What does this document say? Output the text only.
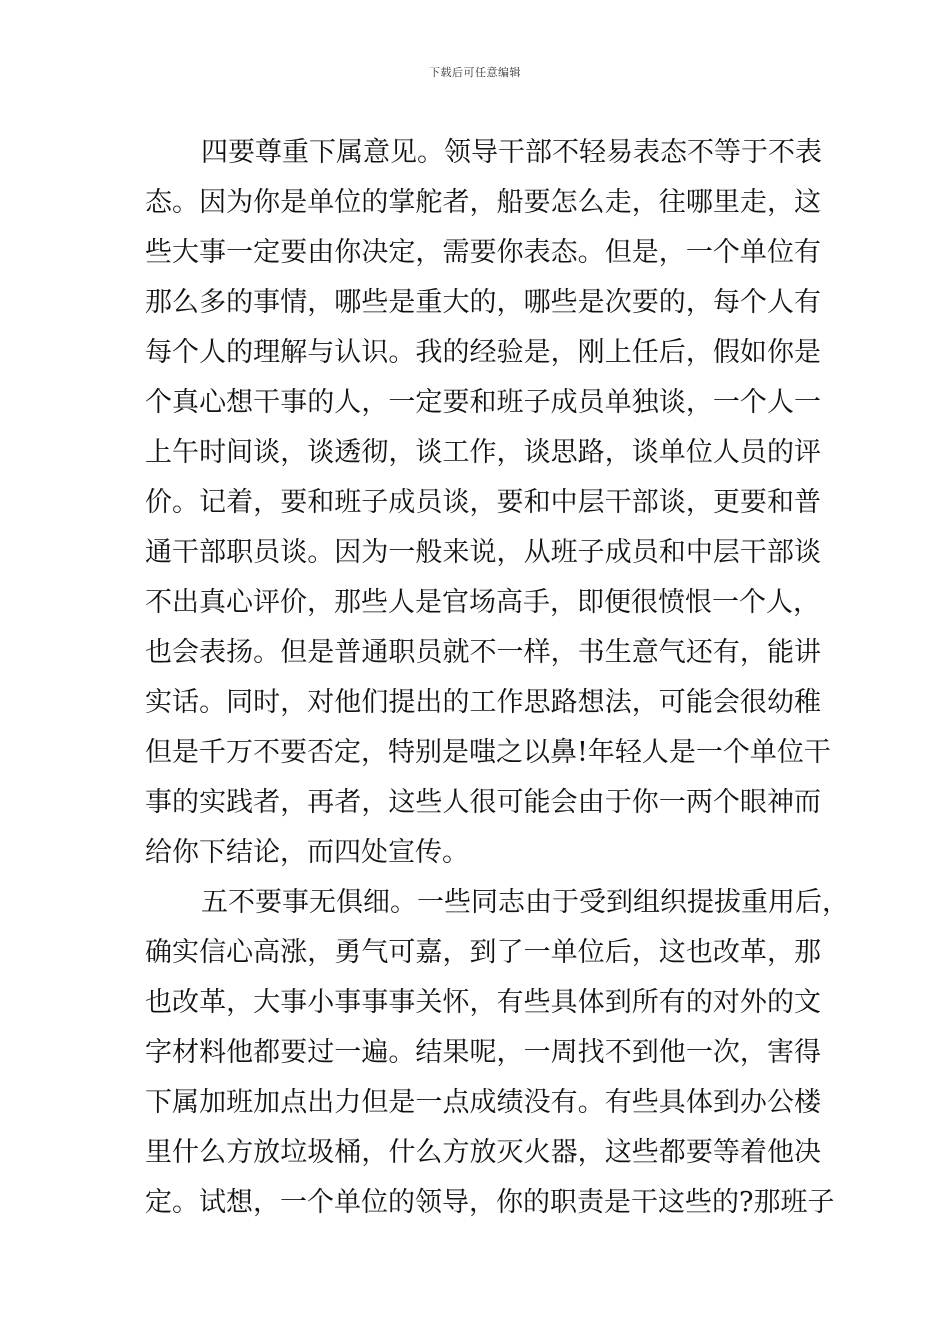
下载后可任意编辑
四要尊重下属意见。领导干部不轻易表态不等于不表
态。因为你是单位的掌舵者，船要怎么走，往哪里走，这
些大事一定要由你决定，需要你表态。但是，一个单位有
那么多的事情，哪些是重大的，哪些是次要的，每个人有
每个人的理解与认识。我的经验是，刚上任后，假如你是
个真心想干事的人，一定要和班子成员单独谈，一个人一
上午时间谈，谈透彻，谈工作，谈思路，谈单位人员的评
价。记着，要和班子成员谈，要和中层干部谈，更要和普
通干部职员谈。因为一般来说，从班子成员和中层干部谈
不出真心评价，那些人是官场高手，即便很愤恨一个人，
也会表扬。但是普通职员就不一样，书生意气还有，能讲
实话。同时，对他们提出的工作思路想法，可能会很幼稚
但是千万不要否定，特别是嗤之以鼻!年轻人是一个单位干
事的实践者，再者，这些人很可能会由于你一两个眼神而
给你下结论，而四处宣传。
五不要事无俱细。一些同志由于受到组织提拔重用后，
确实信心高涨，勇气可嘉，到了一单位后，这也改革，那
也改革，大事小事事事关怀，有些具体到所有的对外的文
字材料他都要过一遍。结果呢，一周找不到他一次，害得
下属加班加点出力但是一点成绩没有。有些具体到办公楼
里什么方放垃圾桶，什么方放灭火器，这些都要等着他决
定。试想，一个单位的领导，你的职责是干这些的?那班子
